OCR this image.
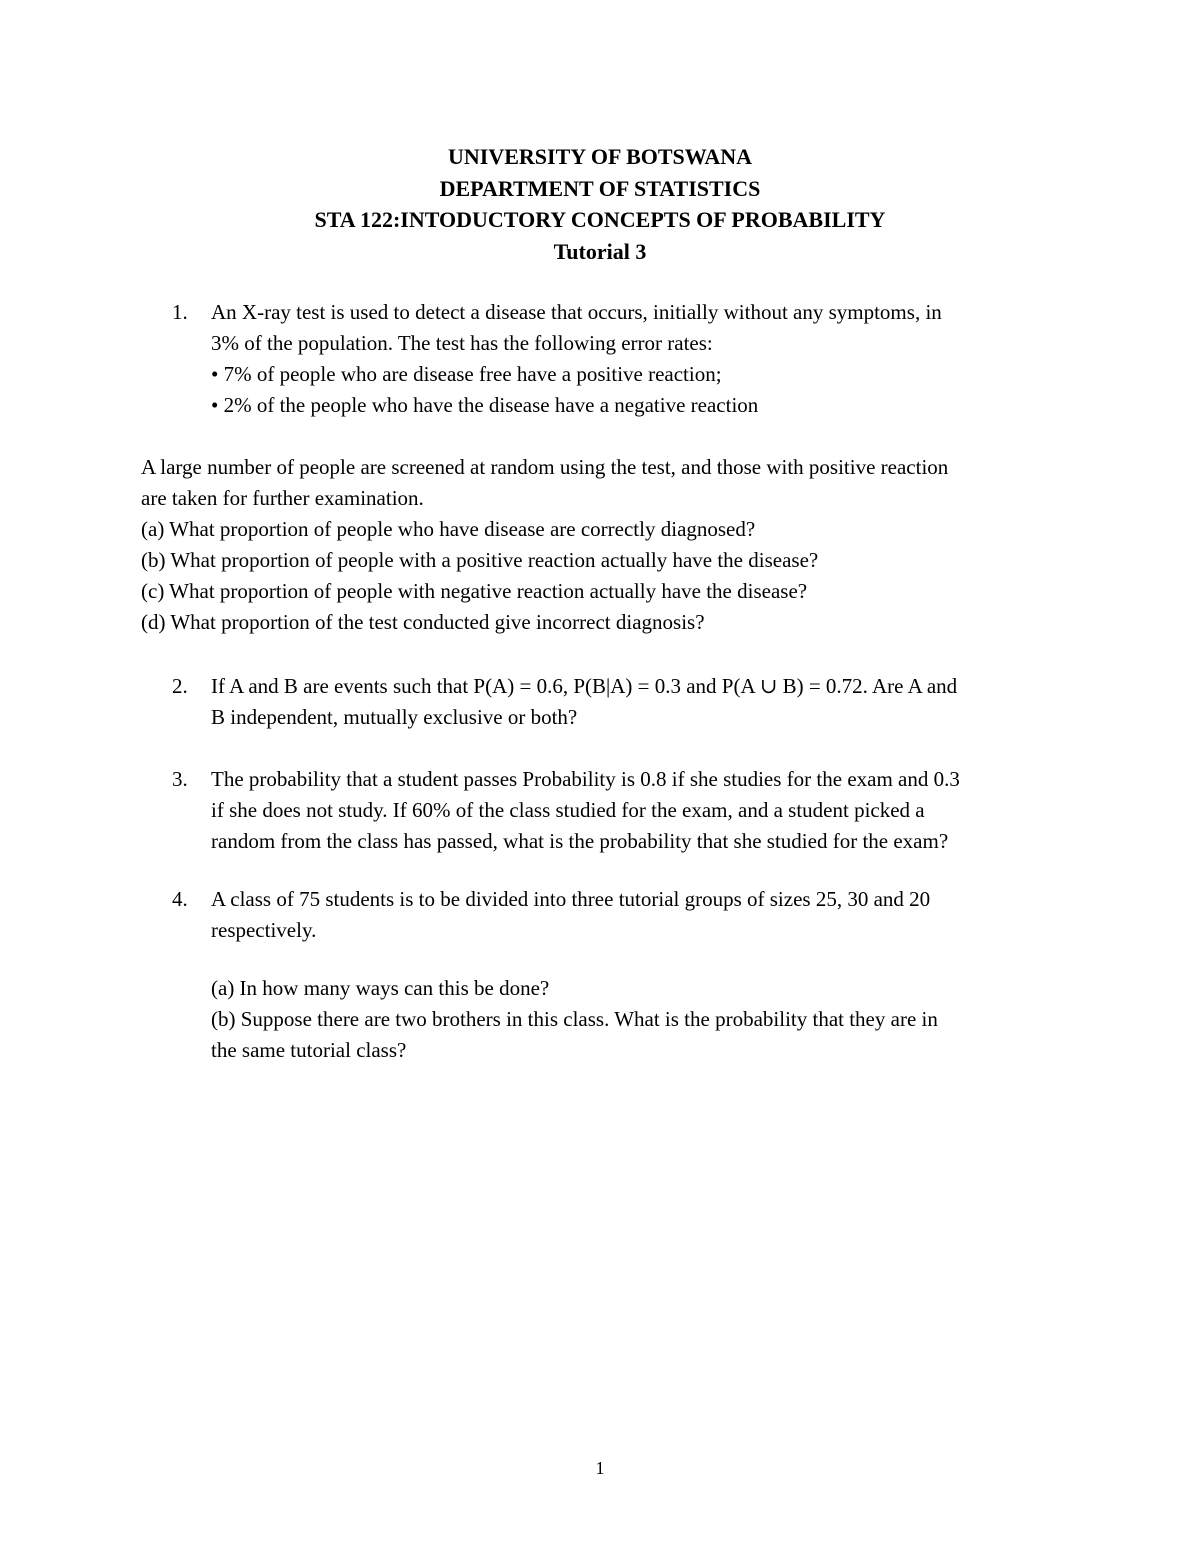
UNIVERSITY OF BOTSWANA
DEPARTMENT OF STATISTICS
STA 122:INTODUCTORY CONCEPTS OF PROBABILITY
Tutorial 3
1. An X-ray test is used to detect a disease that occurs, initially without any symptoms, in
3% of the population. The test has the following error rates:
• 7% of people who are disease free have a positive reaction;
• 2% of the people who have the disease have a negative reaction
A large number of people are screened at random using the test, and those with positive reaction
are taken for further examination.
(a) What proportion of people who have disease are correctly diagnosed?
(b) What proportion of people with a positive reaction actually have the disease?
(c) What proportion of people with negative reaction actually have the disease?
(d) What proportion of the test conducted give incorrect diagnosis?
2. If A and B are events such that P(A) = 0.6, P(B|A) = 0.3 and P(A ∪ B) = 0.72. Are A and
B independent, mutually exclusive or both?
3. The probability that a student passes Probability is 0.8 if she studies for the exam and 0.3
if she does not study. If 60% of the class studied for the exam, and a student picked a
random from the class has passed, what is the probability that she studied for the exam?
4. A class of 75 students is to be divided into three tutorial groups of sizes 25, 30 and 20
respectively.
(a) In how many ways can this be done?
(b) Suppose there are two brothers in this class. What is the probability that they are in
the same tutorial class?
1
